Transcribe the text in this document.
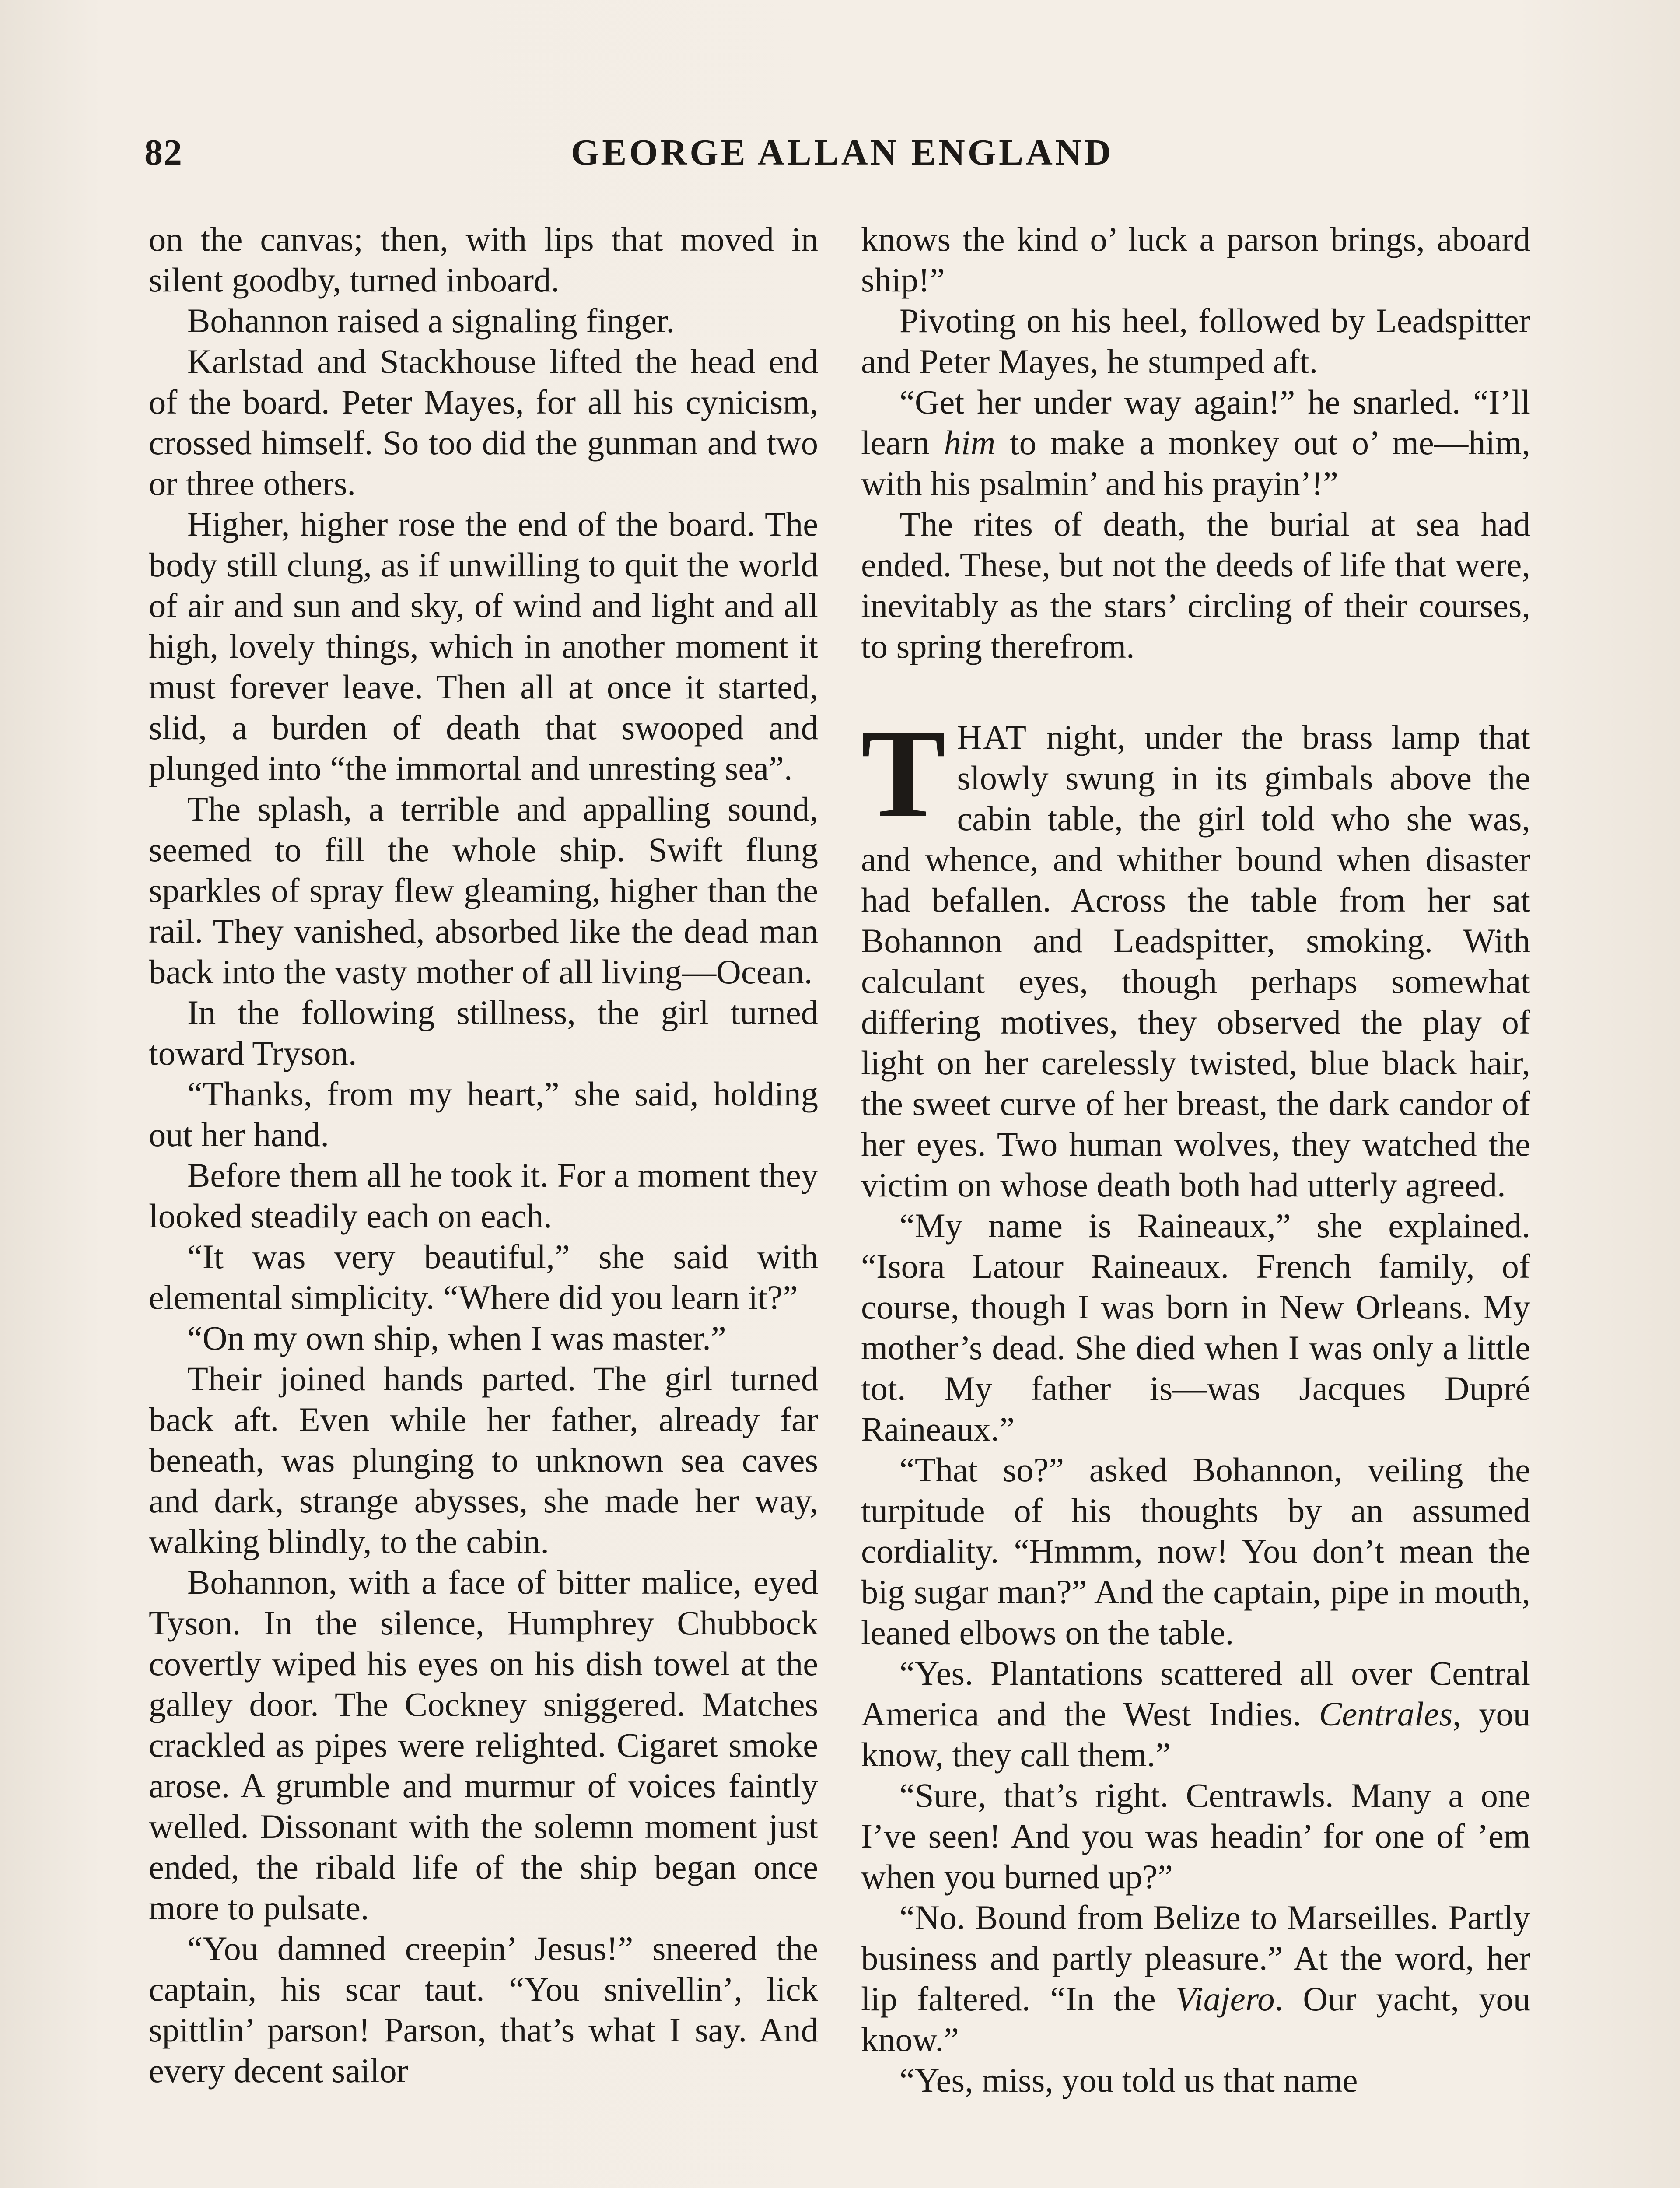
82	GEORGE ALLAN ENGLAND

on the canvas; then, with lips that moved in silent goodby, turned inboard.

Bohannon raised a signaling finger.

Karlstad and Stackhouse lifted the head end of the board. Peter Mayes, for all his cynicism, crossed himself. So too did the gunman and two or three others.

Higher, higher rose the end of the board. The body still clung, as if unwilling to quit the world of air and sun and sky, of wind and light and all high, lovely things, which in another moment it must forever leave. Then all at once it started, slid, a burden of death that swooped and plunged into “the immortal and unresting sea”.

The splash, a terrible and appalling sound, seemed to fill the whole ship. Swift flung sparkles of spray flew gleaming, higher than the rail. They vanished, absorbed like the dead man back into the vasty mother of all living—Ocean.

In the following stillness, the girl turned toward Tryson.

“Thanks, from my heart,” she said, holding out her hand.

Before them all he took it. For a moment they looked steadily each on each.

“It was very beautiful,” she said with elemental simplicity. “Where did you learn it?”

“On my own ship, when I was master.”

Their joined hands parted. The girl turned back aft. Even while her father, already far beneath, was plunging to unknown sea caves and dark, strange abysses, she made her way, walking blindly, to the cabin.

Bohannon, with a face of bitter malice, eyed Tyson. In the silence, Humphrey Chubbock covertly wiped his eyes on his dish towel at the galley door. The Cockney sniggered. Matches crackled as pipes were relighted. Cigaret smoke arose. A grumble and murmur of voices faintly welled. Dissonant with the solemn moment just ended, the ribald life of the ship began once more to pulsate.

“You damned creepin’ Jesus!” sneered the captain, his scar taut. “You snivellin’, lick spittlin’ parson! Parson, that’s what I say. And every decent sailor

knows the kind o’ luck a parson brings, aboard ship!”

Pivoting on his heel, followed by Leadspitter and Peter Mayes, he stumped aft.

“Get her under way again!” he snarled. “I’ll learn him to make a monkey out o’ me—him, with his psalmin’ and his prayin’!”

The rites of death, the burial at sea had ended. These, but not the deeds of life that were, inevitably as the stars’ circling of their courses, to spring therefrom.

THAT night, under the brass lamp that slowly swung in its gimbals above the cabin table, the girl told who she was, and whence, and whither bound when disaster had befallen. Across the table from her sat Bohannon and Leadspitter, smoking. With calculant eyes, though perhaps somewhat differing motives, they observed the play of light on her carelessly twisted, blue black hair, the sweet curve of her breast, the dark candor of her eyes. Two human wolves, they watched the victim on whose death both had utterly agreed.

“My name is Raineaux,” she explained. “Isora Latour Raineaux. French family, of course, though I was born in New Orleans. My mother’s dead. She died when I was only a little tot. My father is—was Jacques Dupré Raineaux.”

“That so?” asked Bohannon, veiling the turpitude of his thoughts by an assumed cordiality. “Hmmm, now! You don’t mean the big sugar man?” And the captain, pipe in mouth, leaned elbows on the table.

“Yes. Plantations scattered all over Central America and the West Indies. Centrales, you know, they call them.”

“Sure, that’s right. Centrawls. Many a one I’ve seen! And you was headin’ for one of ’em when you burned up?”

“No. Bound from Belize to Marseilles. Partly business and partly pleasure.” At the word, her lip faltered. “In the Viajero. Our yacht, you know.”

“Yes, miss, you told us that name
